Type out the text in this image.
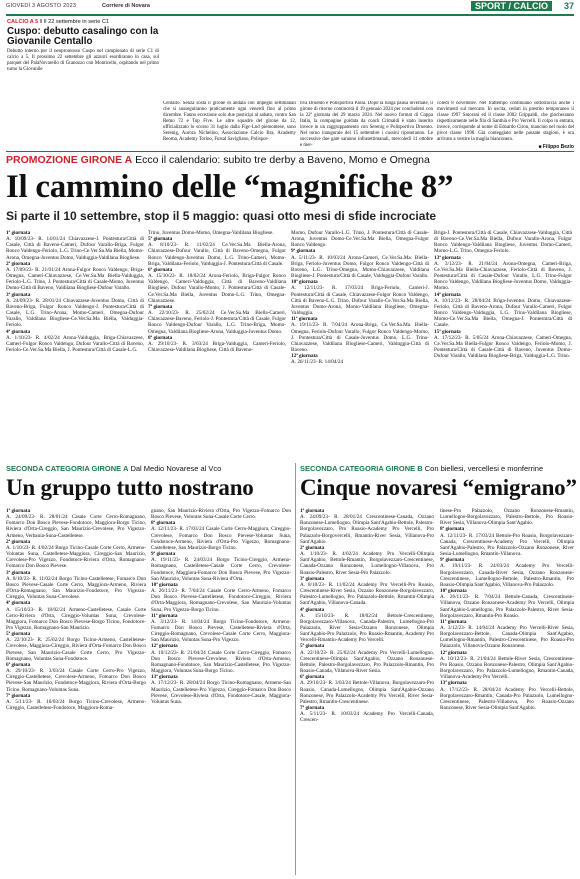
GIOVEDÌ 3 AGOSTO 2023	Corriere di Novara	SPORT / CALCIO	37
CALCIO A 5 ‖ Il 22 settembre in serie C1
Cuspo: debutto casalingo con la Giovanile Centallo
Debutto interno per il neopromosso Cuspo nel campionato di serie C1 di calcio a 5. Il prossimo 22 settembre gli azzurri esordiranno in casa, sul parquet del PalaNovarello di Granozzo con Monticello, ospitando nel primo turno la Giovanile
Centallo. Senza sosta il girone di andata con impegni settimanali che si susseguiranno praticamente ogni venerdì fino al primo dicembre. Fanno eccezione solo due posticipi al sabato, contro San Remo 72 e Top Five. Le altre squadre del girone da 12, ufficializzato lo scorso 31 luglio dalla Figc-Lnd piemontese, sono Serenig, Aurora Nichelino, Associazione Calcio Bra, Academy Reoma, Academy Torino, Futsal Savigliano, Polispor-
tiva Druento e Polisportiva Pasta. Dopo la lunga pausa invernale, il girone di ritorno comincerà il 19 gennaio 2024 per concludersi con la 22ª giornata del 29 marzo 2024. Nel nuovo format di Coppa Italia, la compagine guidata da coach Crimaldi è stato inserito invece in un raggruppamento con Serenig e Polisportiva Druento. Nel turno inaugurale del 15 settembre i cussini riposeranno. Le successive due gare saranno infrasettimanali, mercoledì 11 ottobre e mer-
coledì 8 novembre. Nel frattempo continuano sottotraccia anche i movimenti sul mercato. In uscita, ceduti in prestito temporaneo il classe 1997 Smorani ed il classe 2002 Grippaldi, che giocheranno rispettivamente nelle fila di Santhià e Pro Vercelli. Il colpo in entrata, invece, corrisponde al nome di Edoardo Ciron, mancino nel ruolo del pivot classe 1998. Già conteggiato nelle passate stagioni, è ora arrivato a vestire la maglia bianconera.
■ Filippo Bezio
PROMOZIONE GIRONE A Ecco il calendario: subito tre derby a Baveno, Momo e Omegna
Il cammino delle “magnifiche 8”
Si parte il 10 settembre, stop il 5 maggio: quasi otto mesi di sfide incrociate
1ª giornata
A. 10/09/23- R. 14/01/24 Chiavazzese-J. Pontestura/Città di Casale, Città di Baveno-Cameri, Dufour Varallo-Briga, Fulgor Ronco Valdengo-Feriolo, L.G. Trino-Ce.Ver.Sa.Ma Biella, Momo-Arona, Omegna-Juventus Domo, Valduggia-Valdilana Biogliese.
2ª giornata
A. 17/09/23- R. 21/01/24 Arona-Fulgor Ronco Valdengo, Briga-Omegna, Cameri-Chiavazzese, Ce.Ver.Sa.Ma Biella-Valduggia, Feriolo-L.G. Trino, J. Pontestura/Città di Casale-Momo, Juventus Domo-Città di Baveno, Valdilana Biogliese-Dufour Varallo.
3ª giornata
A. 24/09/23- R. 28/01/24 Chiavazzese-Juventus Domo, Città di Baveno-Briga, Fulgor Ronco Valdengo-J. Pontestura/Città di Casale, L.G. Trino-Arona, Momo-Cameri, Omegna-Dufour Varallo, Valdilana Biogliese-Ce.Ver.Sa.Ma Biella, Valduggia-Feriolo.
4ª giornata
A. 1/10/23- R. 4/02/24 Arona-Valduggia, Briga-Chiavazzese, Cameri-Fulgor Ronco Valdengo, Dufour Varallo-Città di Baveno, Feriolo-Ce.Ver.Sa.Ma Biella, J. Pontestura/Città di Casale-L.G.
Trino, Juventus Domo-Momo, Omegna-Valdilana Biogliese.
5ª giornata
A. 8/10/23- R. 11/02/24 Ce.Ver.Sa.Ma Biella-Arona, Chiavazzese-Dufour Varallo, Città di Baveno-Omegna, Fulgor Ronco Valdengo-Juventus Domo, L.G. Trino-Cameri, Momo-Briga, Valdilana-Feriolo, Valduggia-J. Pontestura/Città di Casale.
6ª giornata
A. 15/10/23- R. 18/02/24 Arona-Feriolo, Briga-Fulgor Ronco Valdengo, Cameri-Valduggia, Città di Baveno-Valdilana Biogliese, Dufour Varallo-Momo, J. Pontestura/Città di Casale-Ce.Ver.Sa.Ma Biella, Juventus Domo-L.G. Trino, Omegna-Chiavazzese.
7ª giornata
A. 22/10/23- R. 25/02/24 Ce.Ver.Sa.Ma Biella-Cameri, Chiavazzese-Baveno, Feriolo-J. Pontestura/Città di Casale, Fulgor Ronco Valdengo-Dufour Varallo, L.G. Trino-Briga, Momo-Omegna, Valdilana Biogliese-Arona, Valduggia-Juventus Domo.
8ª giornata
A. 29/10/23- R. 3/03/24 Briga-Valduggia, Cameri-Feriolo, Chiavazzese-Valdilana Biogliese, Città di Baveno-
Momo, Dufour Varallo-L.G. Trino, J. Pontestura/Città di Casale-Arona, Juventus Domo-Ce.Ver.Sa.Ma Biella, Omegna-Fulgor Ronco Valdengo.
9ª giornata
A. 5/11/23- R. 10/03/24 Arona-Cameri, Ce.Ver.Sa.Ma. Biella-Briga, Feriolo-Juventus Domo, Fulgor Ronco Valdengo-Città di Baveno, L.G. Trino-Omegna, Momo-Chiavazzese, Valdilana Biogliese-J. Pontestura/Città di Casale, Valduggia-Dufour Varallo.
10ª giornata
A. 12/11/23- R. 17/03/24 Briga-Feriolo, Cameri-J. Pontestura/Città di Casale, Chiavazzese-Fulgor Ronco Valdengo, Città di Baveno-L.G. Trino, Dufour Varallo-Ce.Ver.Sa.Ma Biella, Juventus Domo-Arona, Momo-Valdilana Biogliese, Omegna-Valduggia.
11ª giornata
A. 19/11/23- R. 7/04/24 Arona-Briga, Ce.Ver.Sa.Ma. Biella-Omegna, Feriolo-Dufour Varallo, Fulgor Ronco Valdengo-Momo, J. Pontestura/Città di Casale-Juventus Domo, L.G. Trino-Chiavazzese, Valdilana Biogliese-Cameri, Valduggia-Città di Baveno.
12ª giornata
A. 26/11/23- R. 14/04/24
Briga-J. Pontestura/Città di Casale, Chiavazzese-Valduggia, Città di Baveno-Ce.Ver.Sa.Ma Biella, Dufour Varallo-Arona, Fulgor Ronco Valdengo-Valdilana Biogliese, Juventus Domo-Cameri, Momo-L.G. Trino, Omegna-Feriolo.
13ª giornata
A. 3/12/23- R. 21/04/24 Arona-Omegna, Cameri-Briga, Ce.Ver.Sa.Ma Biella-Chiavazzese, Feriolo-Città di Baveno, J. Pontestura/Città di Casale-Dufour Varallo, L.G. Trino-Fulgor Ronco Valdengo, Valdilana Biogliese-Juventus Domo, Valduggia-Momo.
14ª giornata
A. 10/12/23- R. 28/04/24 Briga-Juventus Domo, Chiavazzese-Feriolo, Città di Baveno-Arona, Dufour Varallo-Cameri, Fulgor Ronco Valdengo-Valduggia, L.G. Trino-Valdilana Biogliese, Momo-Ce.Ver.Sa.Ma Biella, Omegna-J. Pontestura/Città di Casale.
15ª giornata
A. 17/12/23- R. 5/05/24 Arona-Chiavazzese, Cameri-Omegna, Ce.Ver.Sa.Ma Biella-Fulgor Ronco Valdengo, Feriolo-Momo, J. Pontestura/Città di Casale-Città di Baveno, Juventus Domo-Dufour Varallo, Valdilana Biogliese-Briga, Valduggia-L.G. Trino.
SECONDA CATEGORIA GIRONE A Dal Medio Novarese al Vco
Un gruppo tutto nostrano
SECONDA CATEGORIA GIRONE B Con biellesi, vercellesi e monferrine
Cinque novaresi “emigrano”
1ª giornata
A. 24/09/23- R. 28/01/24 Casale Corte Cerro-Romagnano, Fomarco Don Bosco Pievese-Fondotoce, Maggiora-Borgo Ticino, Riviera d'Orta-Cireggio, San Maurizio-Crevolese, Pro Vigezzo-Armeno, Verbania-Suna-Castelletese.
2ª giornata
A. 1/10/23- R. 4/02/24 Borgo Ticino-Casale Corte Cerro, Armeno-Voluntas Suna, Castelletese-Maggiora, Cireggio-San Maurizio, Crevolese-Pro Vigezzo, Fondotoce-Riviera d'Orta, Romagnano-Fomarco Don Bosco Pievese.
3ª giornata
A. 8/10/23- R. 11/02/24 Borgo Ticino-Castelletese, Fomarco Don Bosco Pievese-Casale Corte Cerro, Maggiora-Armeno, Riviera d'Orta-Romagnano, San Maurizio-Fondotoce, Pro Vigezzo-Cireggio, Voluntas Suna-Crevolese.
4ª giornata
A. 15/10/23- R. 18/02/24 Armeno-Castelletese, Casale Corte Cerro-Riviera d'Orta, Cireggio-Voluntas Suna, Crevolese-Maggiora, Fomarco Don Bosco Pievese-Borgo Ticino, Fondotoce-Pro Vigezzo, Romagnano-San Maurizio.
5ª giornata
A. 22/10/23- R. 25/02/24 Borgo Ticino-Armeno, Castelletese-Crevolese, Maggiora-Cireggio, Riviera d'Orta-Fomarco Don Bosco Pievese, San Maurizio-Casale Corte Cerro, Pro Vigezzo-Romagnano, Voluntas Suna-Fondotoce.
6ª giornata
A. 29/10/23- R. 3/03/24 Casale Corte Cerro-Pro Vigezzo, Cireggio-Castelletese, Crevolese-Armeno, Fomarco Don Bosco Pievese-San Maurizio, Fondotoce-Maggiora, Riviera d'Orta-Borgo Ticino, Romagnano-Voluntas Suna.
7ª giornata
A. 5/11/23- R. 10/03/24 Borgo Ticino-Crevolese, Armeno-Cireggio, Castelletese-Fondotoce, Maggiora-Roma-
gnano, San Maurizio-Riviera d'Orta, Pro Vigezzo-Fomarco Don Bosco Pievese, Voluntas Suna-Casale Corte Cerro.
8ª giornata
A. 12/11/23- R. 17/03/24 Casale Corte Cerro-Maggiora, Cireggio-Crevolese, Fomarco Don Bosco Pievese-Voluntas Suna, Fondotoce-Armeno, Riviera d'Orta-Pro Vigezzo, Romagnano-Castelletese, San Maurizio-Borgo Ticino.
9ª giornata
A. 19/11/23- R. 24/03/24 Borgo Ticino-Cireggio, Armeno-Romagnano, Castelletese-Casale Corte Cerro, Crevolese-Fondotoce, Maggiora-Fomarco Don Bosco Pievese, Pro Vigezzo-San Maurizio, Voluntas Suna-Riviera d'Orta.
10ª giornata
A. 26/11/23- R. 7/04/24 Casale Corte Cerro-Armeno, Fomarco Don Bosco Pievese-Castelletese, Fondotoce-Cireggio, Riviera d'Orta-Maggiora, Romagnano-Crevolese, San Maurizio-Voluntas Suna, Pro Vigezzo-Borgo Ticino.
11ª giornata
A. 3/12/23- R. 14/04/24 Borgo Ticino-Fondotoce, Armeno-Fomarco Don Bosco Pievese, Castelletese-Riviera d'Orta, Cireggio-Romagnano, Crevolese-Casale Corte Cerro, Maggiora-San Maurizio, Voluntas Suna-Pro Vigezzo.
12ª giornata
A. 10/12/23- R. 21/04/24 Casale Corte Cerro-Cireggio, Fomarco Don Bosco Pievese-Crevolese, Riviera d'Orta-Armeno, Romagnano-Fondotoce, San Maurizio-Castelletese, Pro Vigezzo-Maggiora, Voluntas Suna-Borgo Ticino.
13ª giornata
A. 17/12/23- R. 28/04/24 Borgo Ticino-Romagnano, Armeno-San Maurizio, Castelletese-Pro Vigezzo, Cireggio-Fomarco Don Bosco Pievese, Crevolese-Riviera d'Orta, Fondotoce-Casale, Maggiora-Voluntas Suna.
1ª giornata
A. 24/09/23- R. 28/01/24 Crescentinese-Canada, Ozzano Ronzonese-Lumellogno, Olimpia Sant'Agabio-Bettole, Palestro-Borgolavezzaro, Pro Roasio-Academy Pro Vercelli, Pro Palazzolo-Borgovercelli, Rmantin-River Sesia, Villanova-Pro Sant'Agabio.
2ª giornata
A. 1/10/23- R. 4/02/24 Academy Pro Vercelli-Olimpia Sant'Agabio, Bettole-Rmantin, Borgolavezzaro-Crescentinese, Canada-Ozzano Ronzonese, Lumellogno-Villanova, Pro Roasio-Palestro, River Sesia-Pro Palazzolo.
3ª giornata
A. 8/10/23- R. 11/02/24 Academy Pro Vercelli-Pro Roasio, Crescentinese-River Sesia, Ozzano Ronzonese-Borgolavezzaro, Palestro-Lumellogno, Pro Palazzolo-Bettole, Rmantin-Olimpia Sant'Agabio, Villanova-Canada.
4ª giornata
A. 15/10/23- R. 18/02/24 Bettole-Crescentinese, Borgolavezzaro-Villanova, Canada-Palestro, Lumellogno-Pro Palazzolo, River Sesia-Ozzano Ronzonese, Olimpia Sant'Agabio-Pro Palazzolo, Pro Roasio-Rmantin, Academy Pro Vercelli-Rmantin-Academy Pro Vercelli.
5ª giornata
A. 22/10/23- R. 25/02/24 Academy Pro Vercelli-Lumellogno, Crescentinese-Olimpia Sant'Agabio, Ozzano Ronzonese-Bettole, Palestro-Borgolavezzaro, Pro Palazzolo-Rmantin, Pro Roasio-Canada, Villanova-River Sesia.
6ª giornata
A. 29/10/23- R. 3/03/24 Bettole-Villanova, Borgolavezzaro-Pro Roasio, Canada-Lumellogno, Olimpia Sant'Agabio-Ozzano Ronzonese, Pro Palazzolo-Academy Pro Vercelli, River Sesia-Palestro, Rmantin-Crescentinese.
7ª giornata
A. 5/11/23- R. 10/03/24 Academy Pro Vercelli-Canada, Crescen-
tinese-Pro Palazzolo, Ozzano Ronzonese-Rmantin, Lumellogno-Borgolavezzaro, Palestro-Bettole, Pro Roasio-River Sesia, Villanova-Olimpia Sant'Agabio.
8ª giornata
A. 12/11/23- R. 17/03/24 Bettole-Pro Roasio, Borgolavezzaro-Canada, Crescentinese-Academy Pro Vercelli, Olimpia Sant'Agabio-Palestro, Pro Palazzolo-Ozzano Ronzonese, River Sesia-Lumellogno, Rmantin-Villanova.
9ª giornata
A. 19/11/23- R. 24/03/24 Academy Pro Vercelli-Borgolavezzaro, Canada-River Sesia, Ozzano Ronzonese-Crescentinese, Lumellogno-Bettole, Palestro-Rmantin, Pro Roasio-Olimpia Sant'Agabio, Villanova-Pro Palazzolo.
10ª giornata
A. 26/11/23- R. 7/04/24 Bettole-Canada, Crescentinese-Villanova, Ozzano Ronzonese-Academy Pro Vercelli, Olimpia Sant'Agabio-Lumellogno, Pro Palazzolo-Palestro, River Sesia-Borgolavezzaro, Rmantin-Pro Roasio.
11ª giornata
A. 3/12/23- R. 14/04/24 Academy Pro Vercelli-River Sesia, Borgolavezzaro-Bettole, Canada-Olimpia Sant'Agabio, Lumellogno-Rmantin, Palestro-Crescentinese, Pro Roasio-Pro Palazzolo, Villanova-Ozzano Ronzonese.
12ª giornata
A. 10/12/23- R. 21/04/24 Bettole-River Sesia, Crescentinese-Pro Roasio, Ozzano Ronzonese-Palestro, Olimpia Sant'Agabio-Borgolavezzaro, Pro Palazzolo-Lumellogno, Rmantin-Canada, Villanova-Academy Pro Vercelli.
13ª giornata
A. 17/12/23- R. 28/04/24 Academy Pro Vercelli-Bettole, Borgolavezzaro-Rmantin, Canada-Pro Palazzolo, Lumellogno-Crescentinese, Palestro-Villanova, Pro Roasio-Ozzano Ronzonese, River Sesia-Olimpia Sant'Agabio.
